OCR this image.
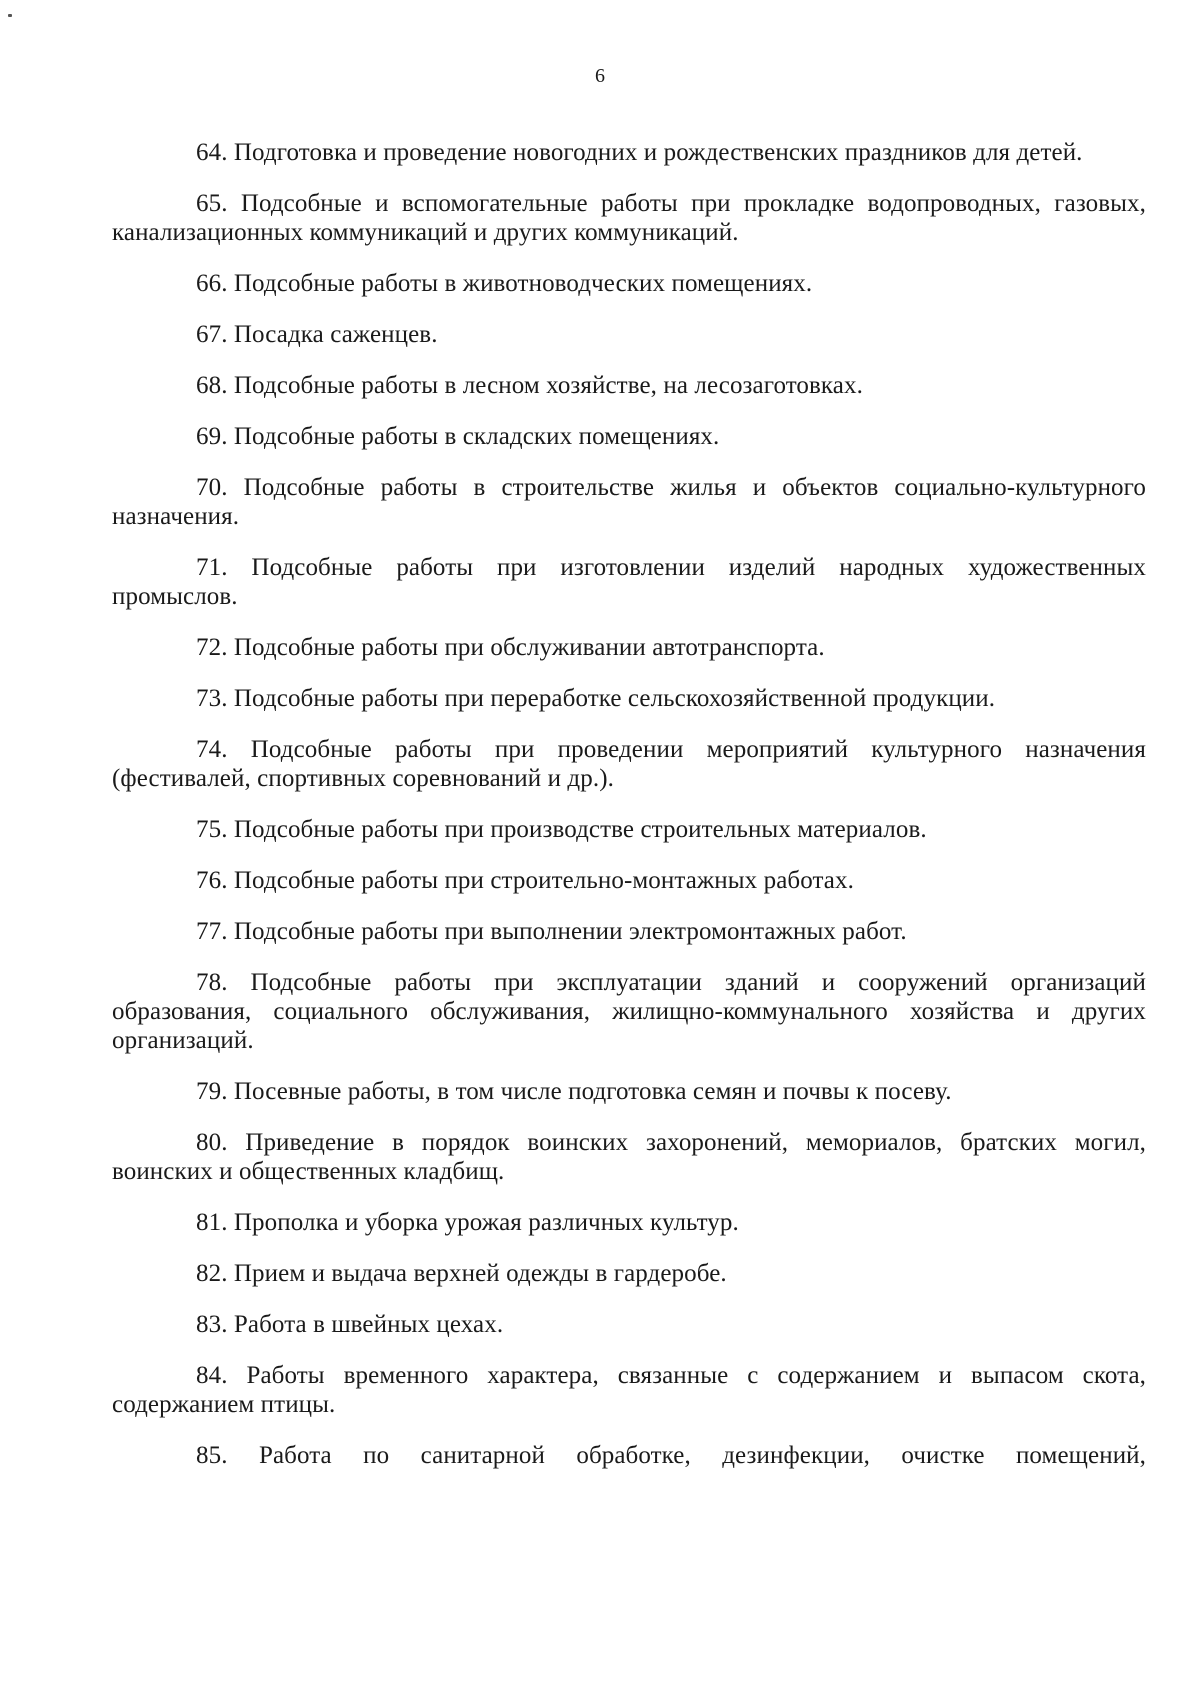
6

64. Подготовка и проведение новогодних и рождественских праздников для детей.

65. Подсобные и вспомогательные работы при прокладке водопроводных, газовых, канализационных коммуникаций и других коммуникаций.

66. Подсобные работы в животноводческих помещениях.

67. Посадка саженцев.

68. Подсобные работы в лесном хозяйстве, на лесозаготовках.

69. Подсобные работы в складских помещениях.

70. Подсобные работы в строительстве жилья и объектов социально-культурного назначения.

71. Подсобные работы при изготовлении изделий народных художественных промыслов.

72. Подсобные работы при обслуживании автотранспорта.

73. Подсобные работы при переработке сельскохозяйственной продукции.

74. Подсобные работы при проведении мероприятий культурного назначения (фестивалей, спортивных соревнований и др.).

75. Подсобные работы при производстве строительных материалов.

76. Подсобные работы при строительно-монтажных работах.

77. Подсобные работы при выполнении электромонтажных работ.

78. Подсобные работы при эксплуатации зданий и сооружений организаций образования, социального обслуживания, жилищно-коммунального хозяйства и других организаций.

79. Посевные работы, в том числе подготовка семян и почвы к посеву.

80. Приведение в порядок воинских захоронений, мемориалов, братских могил, воинских и общественных кладбищ.

81. Прополка и уборка урожая различных культур.

82. Прием и выдача верхней одежды в гардеробе.

83. Работа в швейных цехах.

84. Работы временного характера, связанные с содержанием и выпасом скота, содержанием птицы.

85. Работа по санитарной обработке, дезинфекции, очистке помещений,
